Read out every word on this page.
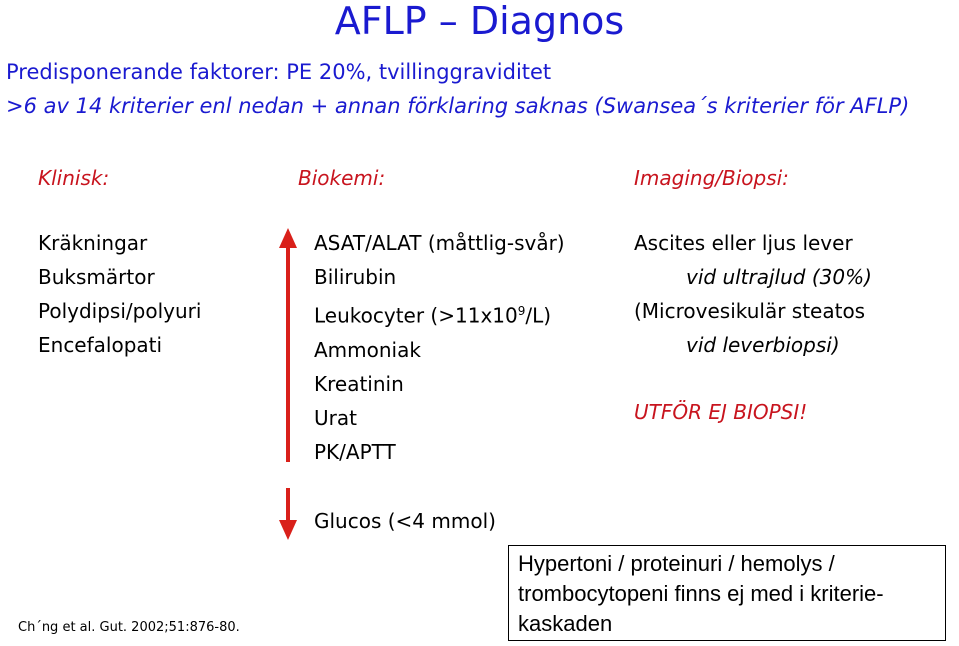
AFLP – Diagnos
Predisponerande faktorer: PE 20%, tvillinggraviditet
>6 av 14 kriterier enl nedan + annan förklaring saknas (Swansea´s kriterier för AFLP)
Klinisk:
Kräkningar
Buksmärtor
Polydipsi/polyuri
Encefalopati
Biokemi:
ASAT/ALAT (måttlig-svår)
Bilirubin
Leukocyter $(>11x10^9/L)$
Ammoniak
Kreatinin
Urat
PK/APTT
Glucos (<4 mmol)
Imaging/Biopsi:
Ascites eller ljus lever
vid ultrajlud (30%)
(Microvesikulär steatos
vid leverbiopsi)
UTFÖR EJ BIOPSI!
Hypertoni / proteinuri / hemolys / trombocytopeni finns ej med i kriterie-kaskaden
Ch´ng et al. Gut. 2002;51:876-80.
